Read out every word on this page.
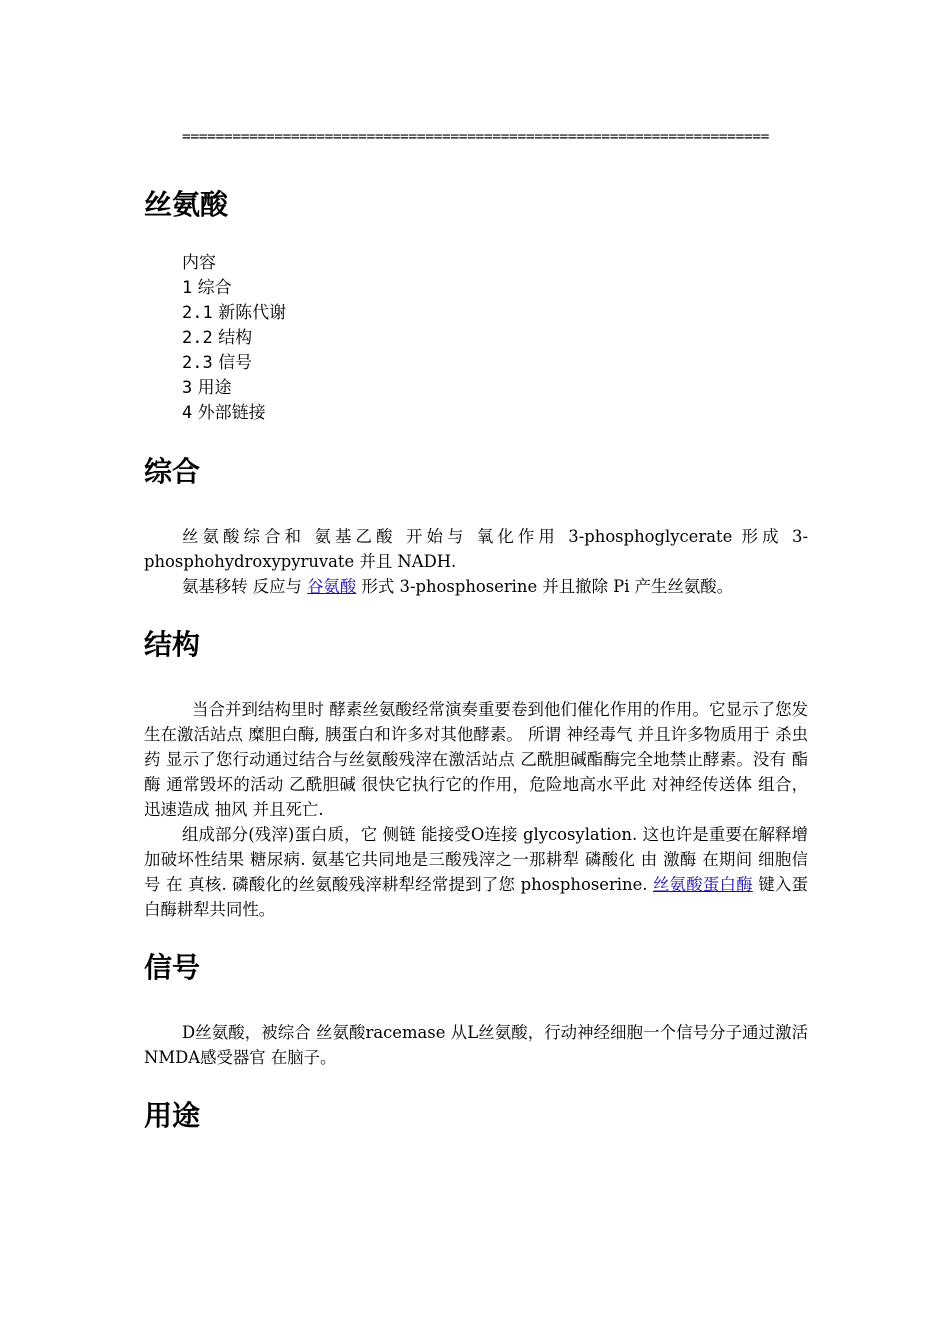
======================================================================

丝氨酸
内容
1 综合
2.1 新陈代谢
2.2 结构
2.3 信号
3 用途
4 外部链接
综合

丝氨酸综合和 氨基乙酸 开始与 氧化作用 3-phosphoglycerate 形成 3-phosphohydroxypyruvate 并且 NADH.

氨基移转 反应与 谷氨酸 形式 3-phosphoserine 并且撤除 Pi 产生丝氨酸。

结构

当合并到结构里时 酵素丝氨酸经常演奏重要卷到他们催化作用的作用。它显示了您发生在激活站点 糜胆白酶, 胰蛋白和许多对其他酵素。 所谓 神经毒气 并且许多物质用于 杀虫药 显示了您行动通过结合与丝氨酸残滓在激活站点 乙酰胆碱酯酶完全地禁止酵素。没有 酯酶 通常毁坏的活动 乙酰胆碱 很快它执行它的作用，危险地高水平此 对神经传送体 组合，迅速造成 抽风 并且死亡.

组成部分(残滓)蛋白质，它 侧链 能接受O连接 glycosylation. 这也许是重要在解释增加破坏性结果 糖尿病. 氨基它共同地是三酸残滓之一那耕犁 磷酸化 由 激酶 在期间 细胞信号 在 真核. 磷酸化的丝氨酸残滓耕犁经常提到了您 phosphoserine. 丝氨酸蛋白酶 键入蛋白酶耕犁共同性。

信号

D丝氨酸，被综合 丝氨酸racemase 从L丝氨酸，行动神经细胞一个信号分子通过激活 NMDA感受器官 在脑子。

用途
